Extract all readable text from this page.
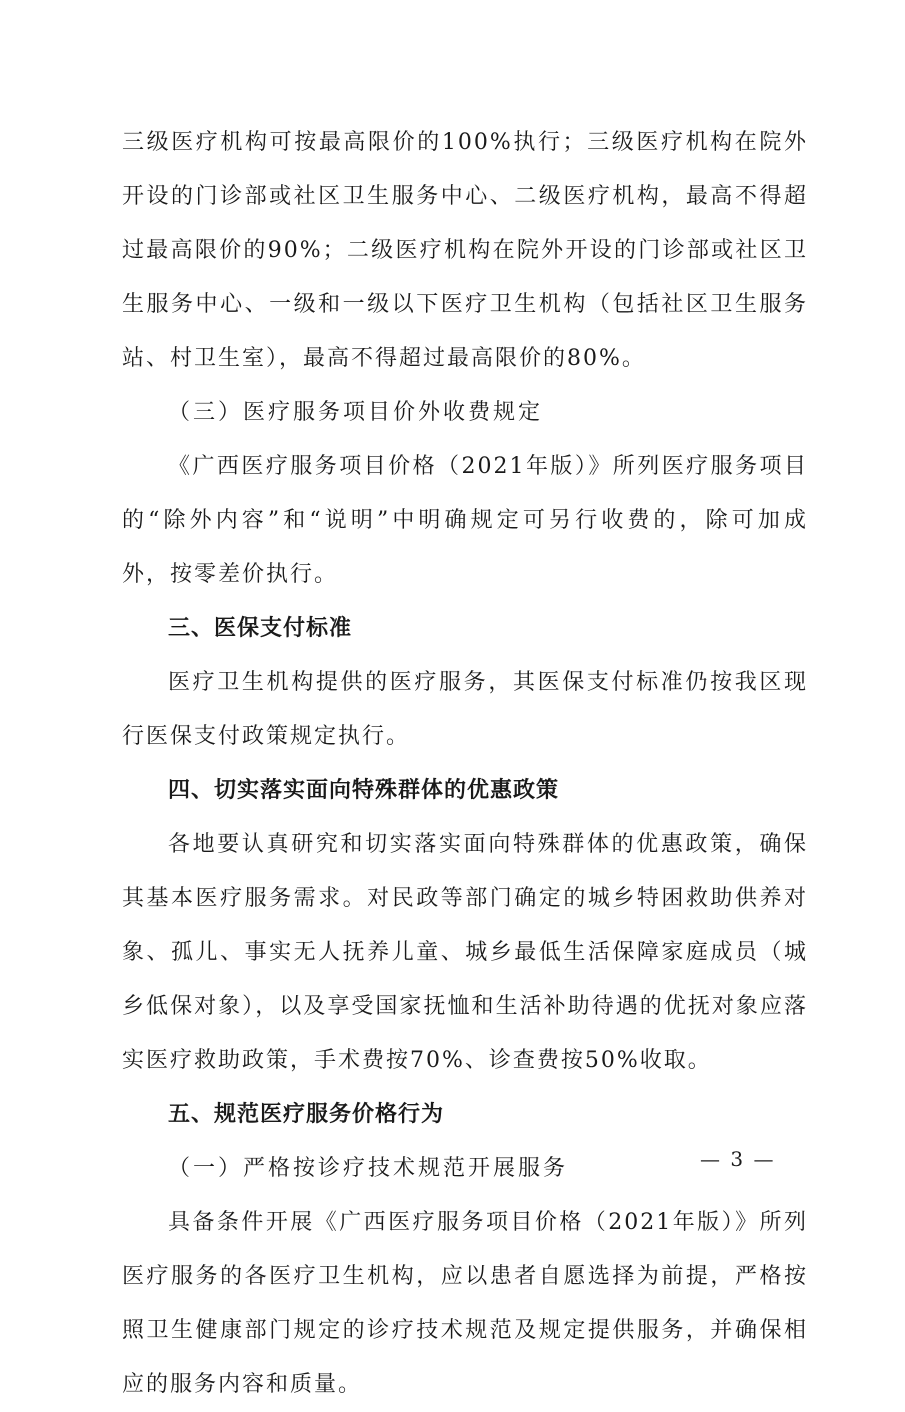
三级医疗机构可按最高限价的100%执行；三级医疗机构在院外
开设的门诊部或社区卫生服务中心、二级医疗机构，最高不得超
过最高限价的90%；二级医疗机构在院外开设的门诊部或社区卫
生服务中心、一级和一级以下医疗卫生机构（包括社区卫生服务
站、村卫生室），最高不得超过最高限价的80%。
（三）医疗服务项目价外收费规定
《广西医疗服务项目价格（2021年版）》所列医疗服务项目
的“除外内容”和“说明”中明确规定可另行收费的，除可加成
外，按零差价执行。
三、医保支付标准
医疗卫生机构提供的医疗服务，其医保支付标准仍按我区现
行医保支付政策规定执行。
四、切实落实面向特殊群体的优惠政策
各地要认真研究和切实落实面向特殊群体的优惠政策，确保
其基本医疗服务需求。对民政等部门确定的城乡特困救助供养对
象、孤儿、事实无人抚养儿童、城乡最低生活保障家庭成员（城
乡低保对象），以及享受国家抚恤和生活补助待遇的优抚对象应落
实医疗救助政策，手术费按70%、诊查费按50%收取。
五、规范医疗服务价格行为
（一）严格按诊疗技术规范开展服务
具备条件开展《广西医疗服务项目价格（2021年版）》所列
医疗服务的各医疗卫生机构，应以患者自愿选择为前提，严格按
照卫生健康部门规定的诊疗技术规范及规定提供服务，并确保相
应的服务内容和质量。
— 3 —
